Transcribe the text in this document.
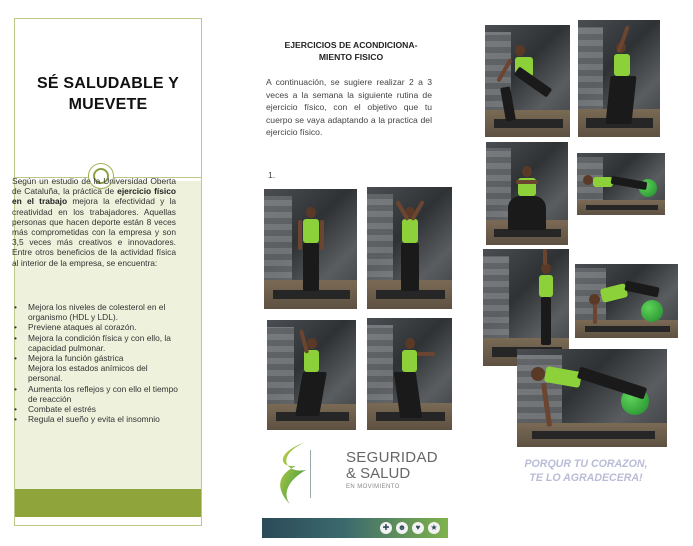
SÉ SALUDABLE Y
MUEVETE

Según un estudio de la Universidad Oberta de Cataluña, la práctica de ejercicio físico en el trabajo mejora la efectividad y la creatividad en los trabajadores. Aquellas personas que hacen deporte están 8 veces más comprometidas con la empresa y son 3,5 veces más creativos e innovadores. Entre otros beneficios de la actividad física al interior de la empresa, se encuentra:

• Mejora los niveles de colesterol en el organismo (HDL y LDL).
• Previene ataques al corazón.
• Mejora la condición física y con ello, la capacidad pulmonar.
• Mejora la función gástrica
Mejora los estados anímicos del personal.
• Aumenta los reflejos y con ello el tiempo de reacción
• Combate el estrés
• Regula el sueño y evita el insomnio
EJERCICIOS DE ACONDICIONA-
MIENTO FISICO

A continuación, se sugiere realizar 2 a 3 veces a la semana la siguiente rutina de ejercicio físico, con el objetivo que tu cuerpo se vaya adaptando a la practica del ejercicio físico.

1.
SEGURIDAD
& SALUD
EN MOVIMIENTO
✚	☻	♥	★
PORQUR TU CORAZON,
TE LO AGRADECERA!
